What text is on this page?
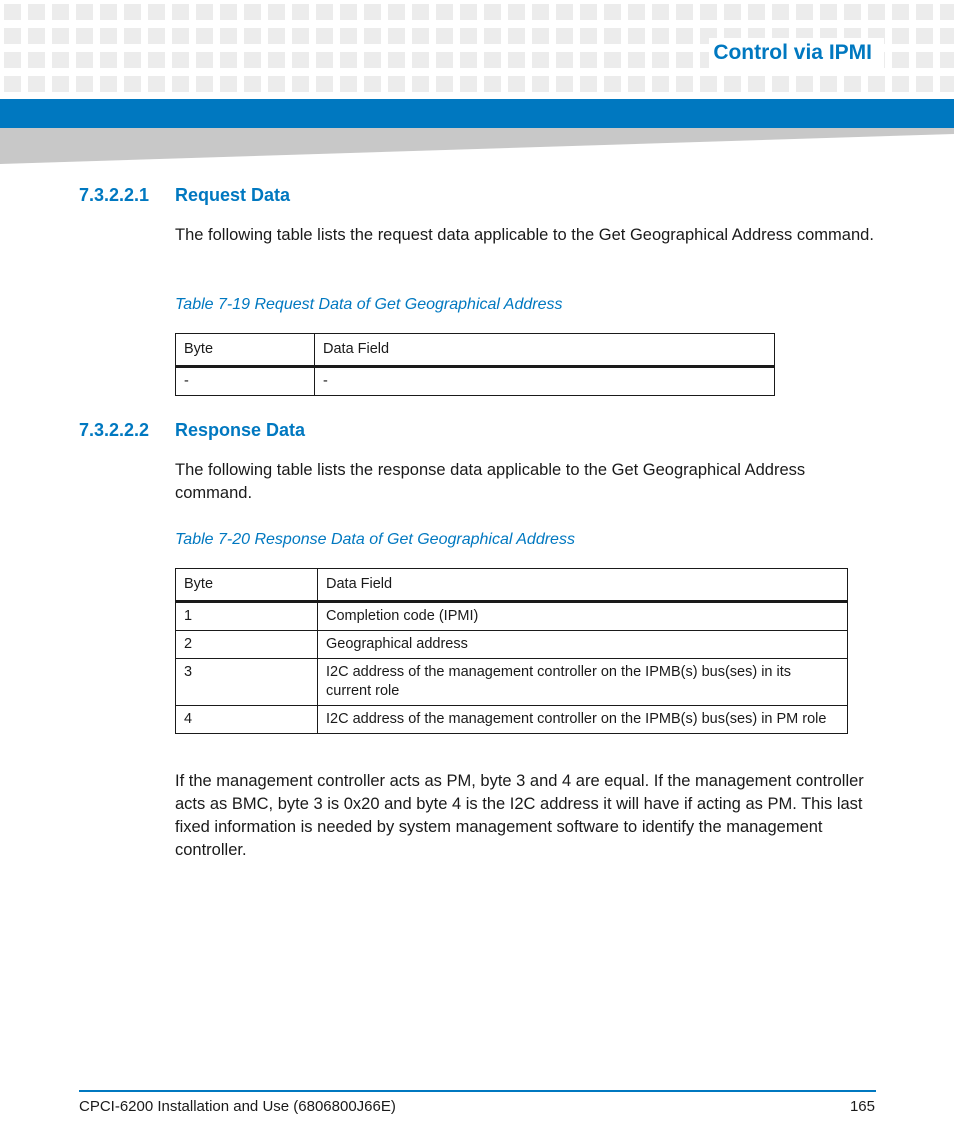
Control via IPMI
7.3.2.2.1 Request Data
The following table lists the request data applicable to the Get Geographical Address command.
Table 7-19 Request Data of Get Geographical Address
Byte	Data Field
-	-
7.3.2.2.2 Response Data
The following table lists the response data applicable to the Get Geographical Address command.
Table 7-20 Response Data of Get Geographical Address
Byte	Data Field
1	Completion code (IPMI)
2	Geographical address
3	I2C address of the management controller on the IPMB(s) bus(ses) in its current role
4	I2C address of the management controller on the IPMB(s) bus(ses) in PM role
If the management controller acts as PM, byte 3 and 4 are equal. If the management controller acts as BMC, byte 3 is 0x20 and byte 4 is the I2C address it will have if acting as PM. This last fixed information is needed by system management software to identify the management controller.
CPCI-6200 Installation and Use (6806800J66E)	165
